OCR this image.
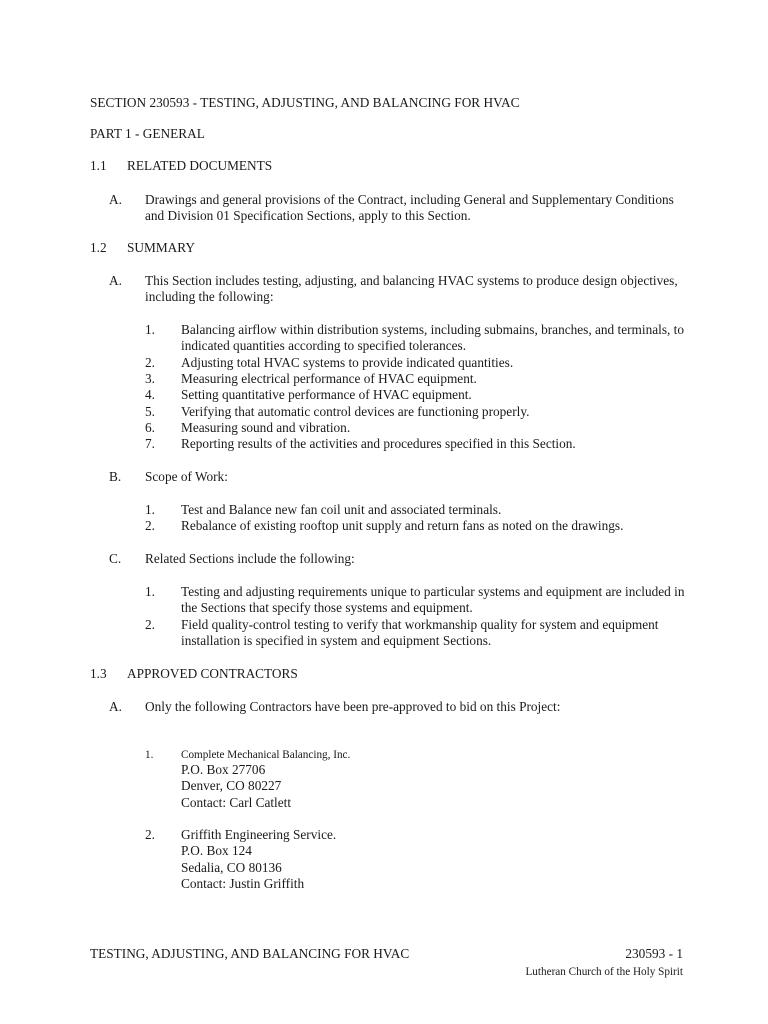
SECTION 230593 - TESTING, ADJUSTING, AND BALANCING FOR HVAC
PART 1 - GENERAL
1.1 RELATED DOCUMENTS
A. Drawings and general provisions of the Contract, including General and Supplementary Conditions and Division 01 Specification Sections, apply to this Section.
1.2 SUMMARY
A. This Section includes testing, adjusting, and balancing HVAC systems to produce design objectives, including the following:
1. Balancing airflow within distribution systems, including submains, branches, and terminals, to indicated quantities according to specified tolerances.
2. Adjusting total HVAC systems to provide indicated quantities.
3. Measuring electrical performance of HVAC equipment.
4. Setting quantitative performance of HVAC equipment.
5. Verifying that automatic control devices are functioning properly.
6. Measuring sound and vibration.
7. Reporting results of the activities and procedures specified in this Section.
B. Scope of Work:
1. Test and Balance new fan coil unit and associated terminals.
2. Rebalance of existing rooftop unit supply and return fans as noted on the drawings.
C. Related Sections include the following:
1. Testing and adjusting requirements unique to particular systems and equipment are included in the Sections that specify those systems and equipment.
2. Field quality-control testing to verify that workmanship quality for system and equipment installation is specified in system and equipment Sections.
1.3 APPROVED CONTRACTORS
A. Only the following Contractors have been pre-approved to bid on this Project:
1. Complete Mechanical Balancing, Inc.
P.O. Box 27706
Denver, CO 80227
Contact: Carl Catlett
2. Griffith Engineering Service.
P.O. Box 124
Sedalia, CO 80136
Contact: Justin Griffith
TESTING, ADJUSTING, AND BALANCING FOR HVAC	230593 - 1
Lutheran Church of the Holy Spirit
